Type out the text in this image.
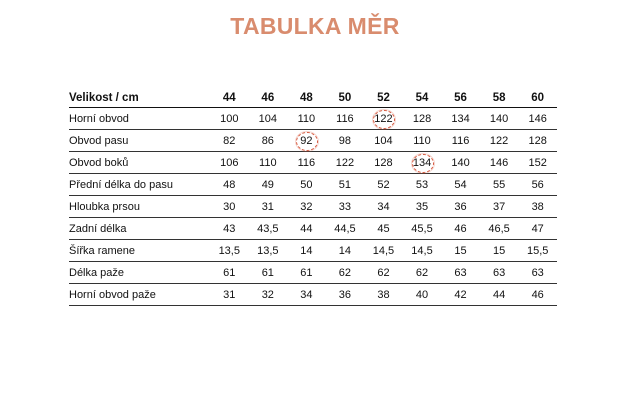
TABULKA MĚR
Velikost / cm	44	46	48	50	52	54	56	58	60
Horní obvod	100	104	110	116	122	128	134	140	146
Obvod pasu	82	86	92	98	104	110	116	122	128
Obvod boků	106	110	116	122	128	134	140	146	152
Přední délka do pasu	48	49	50	51	52	53	54	55	56
Hloubka prsou	30	31	32	33	34	35	36	37	38
Zadní délka	43	43,5	44	44,5	45	45,5	46	46,5	47
Šířka ramene	13,5	13,5	14	14	14,5	14,5	15	15	15,5
Délka paže	61	61	61	62	62	62	63	63	63
Horní obvod paže	31	32	34	36	38	40	42	44	46
